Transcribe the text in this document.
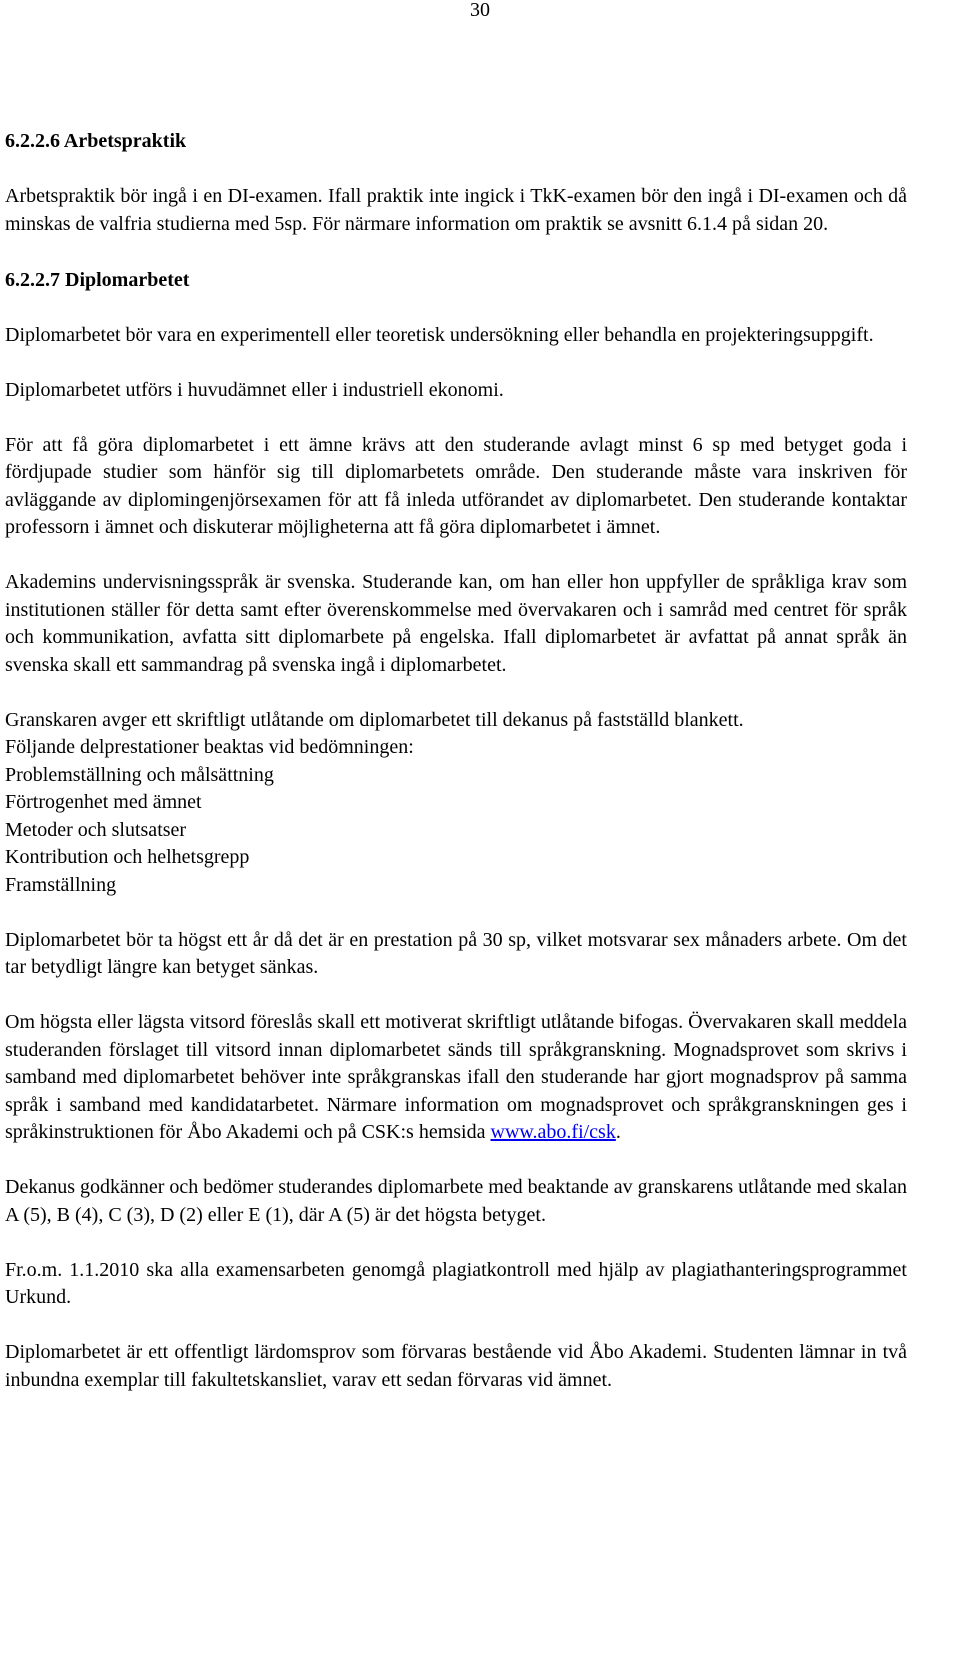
30
6.2.2.6 Arbetspraktik

Arbetspraktik bör ingå i en DI-examen. Ifall praktik inte ingick i TkK-examen bör den ingå i DI-examen och då minskas de valfria studierna med 5sp. För närmare information om praktik se avsnitt 6.1.4 på sidan 20.

6.2.2.7 Diplomarbetet

Diplomarbetet bör vara en experimentell eller teoretisk undersökning eller behandla en projekteringsuppgift.

Diplomarbetet utförs i huvudämnet eller i industriell ekonomi.

För att få göra diplomarbetet i ett ämne krävs att den studerande avlagt minst 6 sp med betyget goda i fördjupade studier som hänför sig till diplomarbetets område. Den studerande måste vara inskriven för avläggande av diplomingenjörsexamen för att få inleda utförandet av diplomarbetet. Den studerande kontaktar professorn i ämnet och diskuterar möjligheterna att få göra diplomarbetet i ämnet.

Akademins undervisningsspråk är svenska. Studerande kan, om han eller hon uppfyller de språkliga krav som institutionen ställer för detta samt efter överenskommelse med övervakaren och i samråd med centret för språk och kommunikation, avfatta sitt diplomarbete på engelska. Ifall diplomarbetet är avfattat på annat språk än svenska skall ett sammandrag på svenska ingå i diplomarbetet.

Granskaren avger ett skriftligt utlåtande om diplomarbetet till dekanus på fastställd blankett.
Följande delprestationer beaktas vid bedömningen:
Problemställning och målsättning
Förtrogenhet med ämnet
Metoder och slutsatser
Kontribution och helhetsgrepp
Framställning

Diplomarbetet bör ta högst ett år då det är en prestation på 30 sp, vilket motsvarar sex månaders arbete. Om det tar betydligt längre kan betyget sänkas.

Om högsta eller lägsta vitsord föreslås skall ett motiverat skriftligt utlåtande bifogas. Övervakaren skall meddela studeranden förslaget till vitsord innan diplomarbetet sänds till språkgranskning. Mognadsprovet som skrivs i samband med diplomarbetet behöver inte språkgranskas ifall den studerande har gjort mognadsprov på samma språk i samband med kandidatarbetet. Närmare information om mognadsprovet och språkgranskningen ges i språkinstruktionen för Åbo Akademi och på CSK:s hemsida www.abo.fi/csk.

Dekanus godkänner och bedömer studerandes diplomarbete med beaktande av granskarens utlåtande med skalan A (5), B (4), C (3), D (2) eller E (1), där A (5) är det högsta betyget.

Fr.o.m. 1.1.2010 ska alla examensarbeten genomgå plagiatkontroll med hjälp av plagiathanteringsprogrammet Urkund.

Diplomarbetet är ett offentligt lärdomsprov som förvaras bestående vid Åbo Akademi. Studenten lämnar in två inbundna exemplar till fakultetskansliet, varav ett sedan förvaras vid ämnet.
